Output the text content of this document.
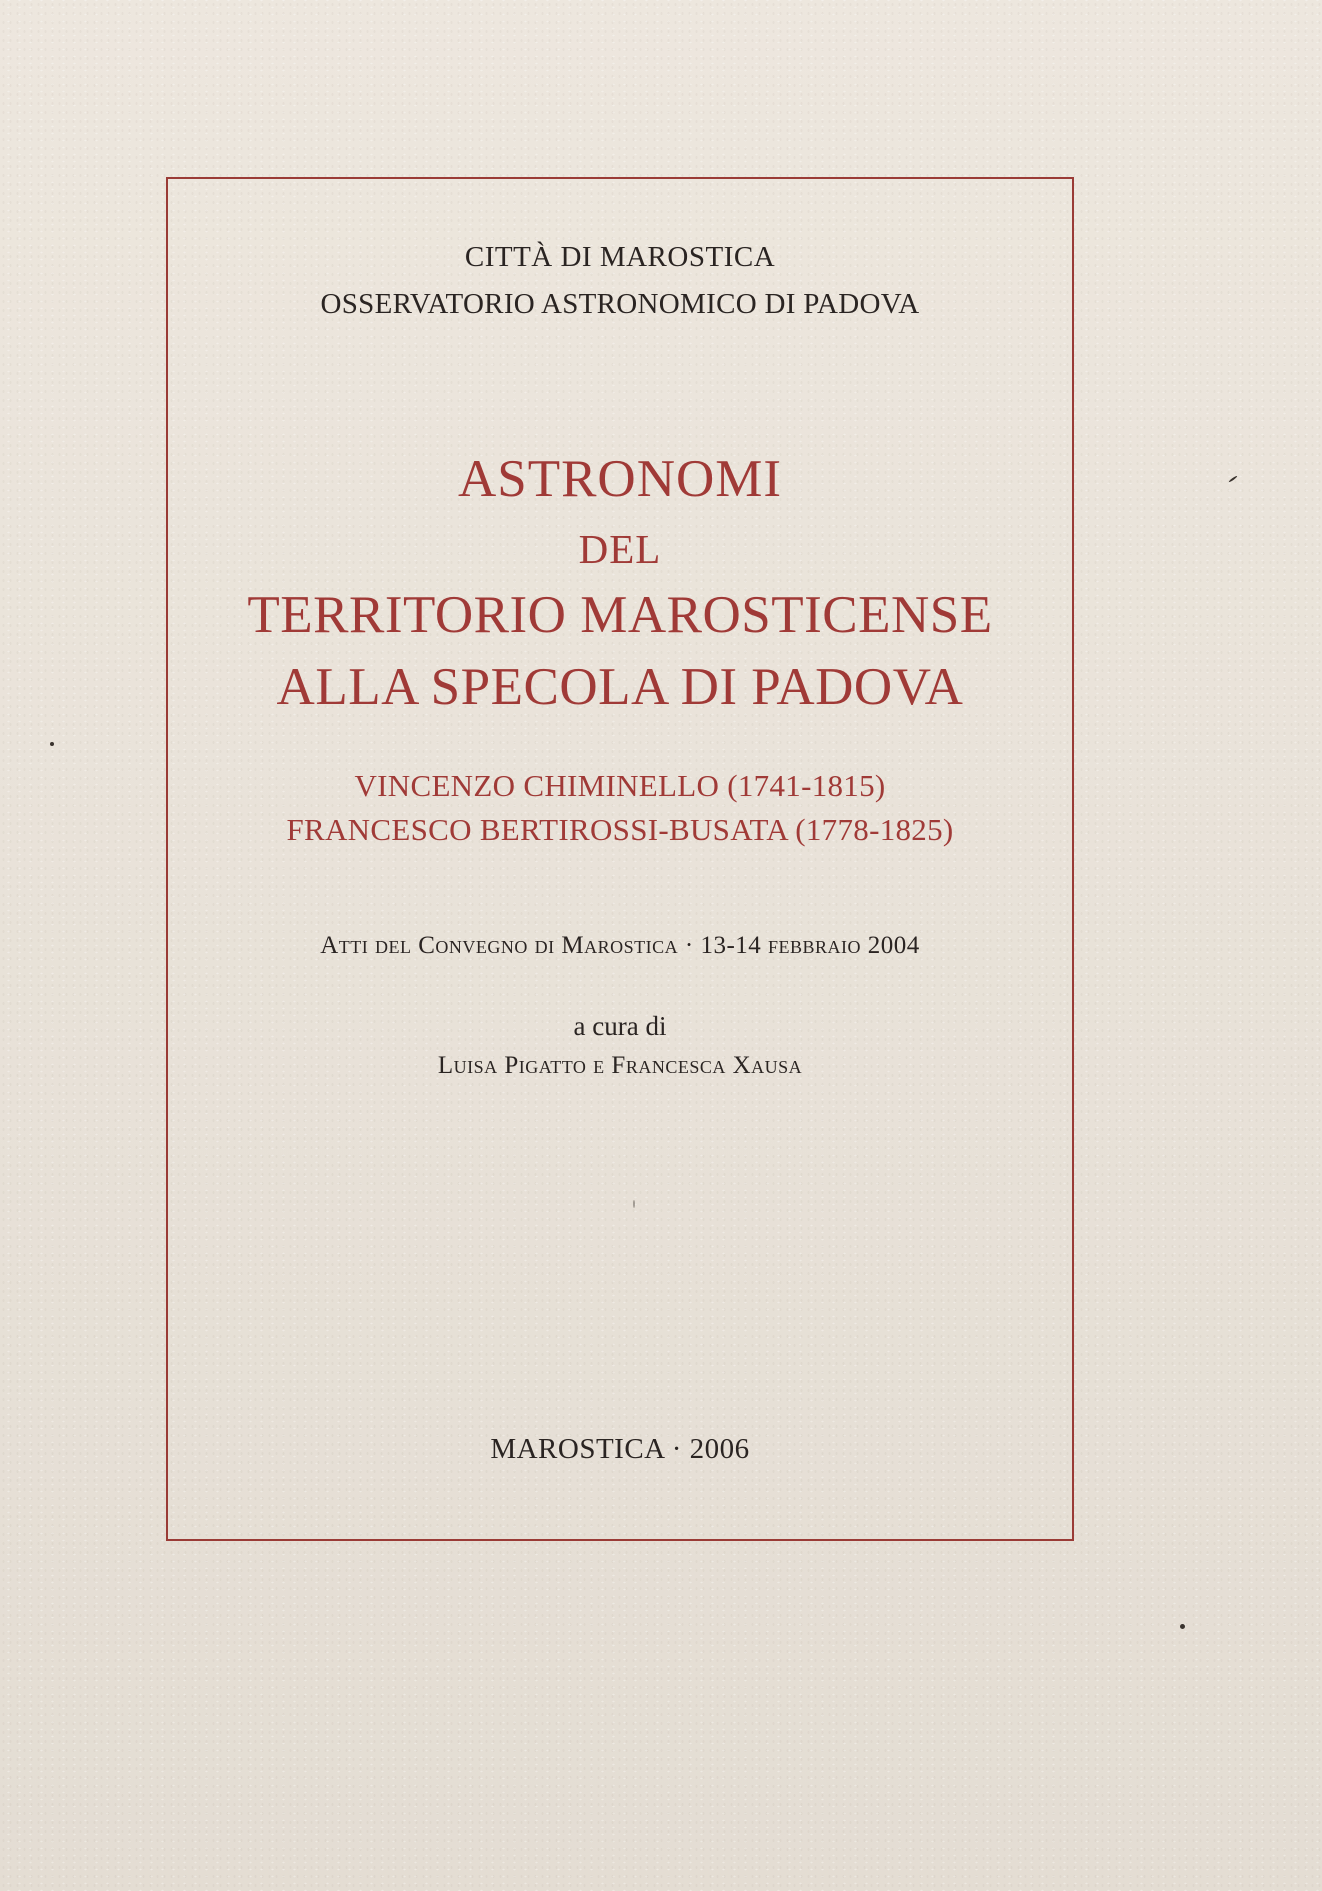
CITTÀ DI MAROSTICA

OSSERVATORIO ASTRONOMICO DI PADOVA

ASTRONOMI

DEL

TERRITORIO MAROSTICENSE

ALLA SPECOLA DI PADOVA

VINCENZO CHIMINELLO (1741-1815)

FRANCESCO BERTIROSSI-BUSATA (1778-1825)

Atti del Convegno di Marostica · 13-14 febbraio 2004

a cura di

Luisa Pigatto e Francesca Xausa

MAROSTICA · 2006
